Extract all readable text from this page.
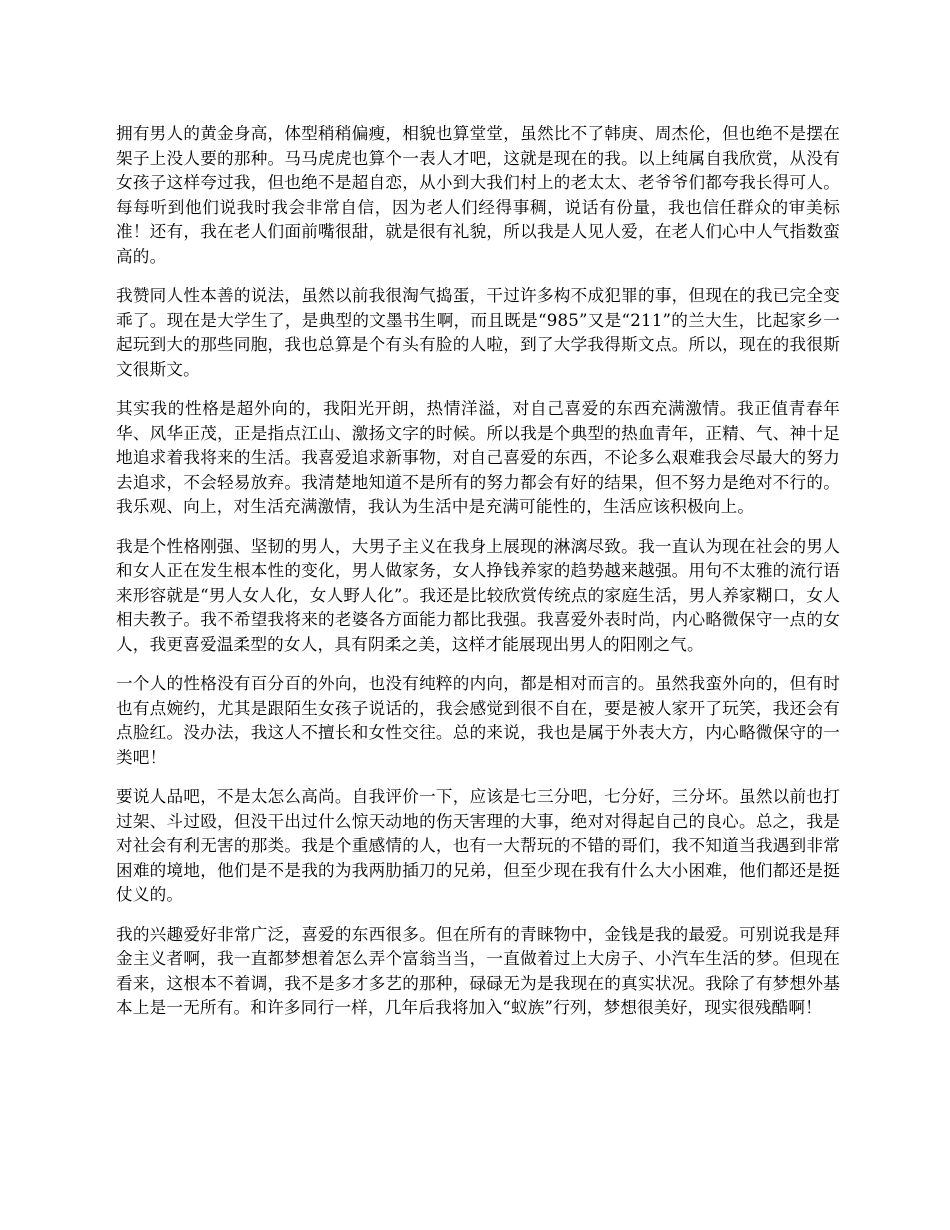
拥有男人的黄金身高，体型稍稍偏瘦，相貌也算堂堂，虽然比不了韩庚、周杰伦，但也绝不是摆在架子上没人要的那种。马马虎虎也算个一表人才吧，这就是现在的我。以上纯属自我欣赏，从没有女孩子这样夸过我，但也绝不是超自恋，从小到大我们村上的老太太、老爷爷们都夸我长得可人。每每听到他们说我时我会非常自信，因为老人们经得事稠，说话有份量，我也信任群众的审美标准！还有，我在老人们面前嘴很甜，就是很有礼貌，所以我是人见人爱，在老人们心中人气指数蛮高的。

我赞同人性本善的说法，虽然以前我很淘气捣蛋，干过许多构不成犯罪的事，但现在的我已完全变乖了。现在是大学生了，是典型的文墨书生啊，而且既是“985”又是“211”的兰大生，比起家乡一起玩到大的那些同胞，我也总算是个有头有脸的人啦，到了大学我得斯文点。所以，现在的我很斯文很斯文。

其实我的性格是超外向的，我阳光开朗，热情洋溢，对自己喜爱的东西充满激情。我正值青春年华、风华正茂，正是指点江山、激扬文字的时候。所以我是个典型的热血青年，正精、气、神十足地追求着我将来的生活。我喜爱追求新事物，对自己喜爱的东西，不论多么艰难我会尽最大的努力去追求，不会轻易放弃。我清楚地知道不是所有的努力都会有好的结果，但不努力是绝对不行的。我乐观、向上，对生活充满激情，我认为生活中是充满可能性的，生活应该积极向上。

我是个性格刚强、坚韧的男人，大男子主义在我身上展现的淋漓尽致。我一直认为现在社会的男人和女人正在发生根本性的变化，男人做家务，女人挣钱养家的趋势越来越强。用句不太雅的流行语来形容就是“男人女人化，女人野人化”。我还是比较欣赏传统点的家庭生活，男人养家糊口，女人相夫教子。我不希望我将来的老婆各方面能力都比我强。我喜爱外表时尚，内心略微保守一点的女人，我更喜爱温柔型的女人，具有阴柔之美，这样才能展现出男人的阳刚之气。

一个人的性格没有百分百的外向，也没有纯粹的内向，都是相对而言的。虽然我蛮外向的，但有时也有点婉约，尤其是跟陌生女孩子说话的，我会感觉到很不自在，要是被人家开了玩笑，我还会有点脸红。没办法，我这人不擅长和女性交往。总的来说，我也是属于外表大方，内心略微保守的一类吧！

要说人品吧，不是太怎么高尚。自我评价一下，应该是七三分吧，七分好，三分坏。虽然以前也打过架、斗过殴，但没干出过什么惊天动地的伤天害理的大事，绝对对得起自己的良心。总之，我是对社会有利无害的那类。我是个重感情的人，也有一大帮玩的不错的哥们，我不知道当我遇到非常困难的境地，他们是不是我的为我两肋插刀的兄弟，但至少现在我有什么大小困难，他们都还是挺仗义的。

我的兴趣爱好非常广泛，喜爱的东西很多。但在所有的青睐物中，金钱是我的最爱。可别说我是拜金主义者啊，我一直都梦想着怎么弄个富翁当当，一直做着过上大房子、小汽车生活的梦。但现在看来，这根本不着调，我不是多才多艺的那种，碌碌无为是我现在的真实状况。我除了有梦想外基本上是一无所有。和许多同行一样，几年后我将加入“蚁族”行列，梦想很美好，现实很残酷啊！
